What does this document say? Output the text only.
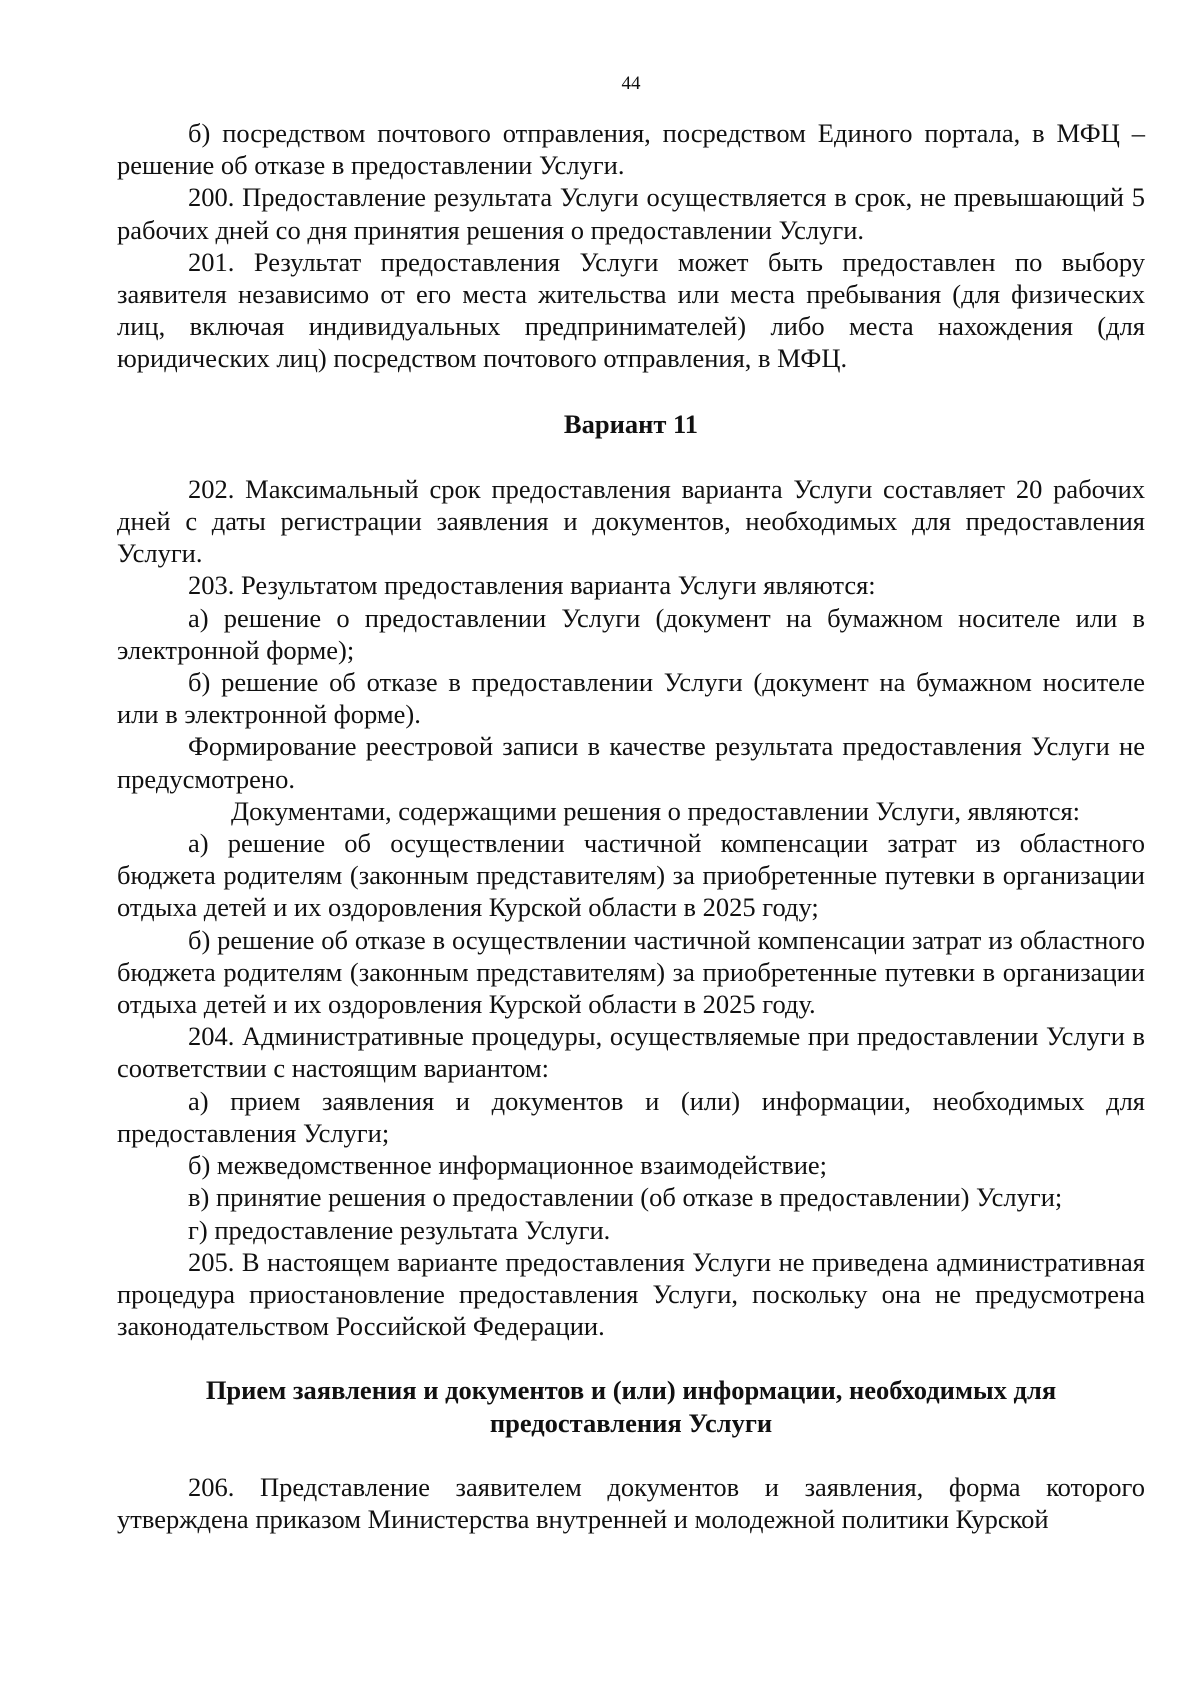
44

б) посредством почтового отправления, посредством Единого портала, в МФЦ – решение об отказе в предоставлении Услуги.

200. Предоставление результата Услуги осуществляется в срок, не превышающий 5 рабочих дней со дня принятия решения о предоставлении Услуги.

201. Результат предоставления Услуги может быть предоставлен по выбору заявителя независимо от его места жительства или места пребывания (для физических лиц, включая индивидуальных предпринимателей) либо места нахождения (для юридических лиц) посредством почтового отправления, в МФЦ.

Вариант 11

202. Максимальный срок предоставления варианта Услуги составляет 20 рабочих дней с даты регистрации заявления и документов, необходимых для предоставления Услуги.

203. Результатом предоставления варианта Услуги являются:

а) решение о предоставлении Услуги (документ на бумажном носителе или в электронной форме);

б) решение об отказе в предоставлении Услуги (документ на бумажном носителе или в электронной форме).

Формирование реестровой записи в качестве результата предоставления Услуги не предусмотрено.

Документами, содержащими решения о предоставлении Услуги, являются:

а) решение об осуществлении частичной компенсации затрат из областного бюджета родителям (законным представителям) за приобретенные путевки в организации отдыха детей и их оздоровления Курской области в 2025 году;

б) решение об отказе в осуществлении частичной компенсации затрат из областного бюджета родителям (законным представителям) за приобретенные путевки в организации отдыха детей и их оздоровления Курской области в 2025 году.

204. Административные процедуры, осуществляемые при предоставлении Услуги в соответствии с настоящим вариантом:

а) прием заявления и документов и (или) информации, необходимых для предоставления Услуги;

б) межведомственное информационное взаимодействие;

в) принятие решения о предоставлении (об отказе в предоставлении) Услуги;

г) предоставление результата Услуги.

205. В настоящем варианте предоставления Услуги не приведена административная процедура приостановление предоставления Услуги, поскольку она не предусмотрена законодательством Российской Федерации.

Прием заявления и документов и (или) информации, необходимых для
предоставления Услуги

206. Представление заявителем документов и заявления, форма которого утверждена приказом Министерства внутренней и молодежной политики Курской
